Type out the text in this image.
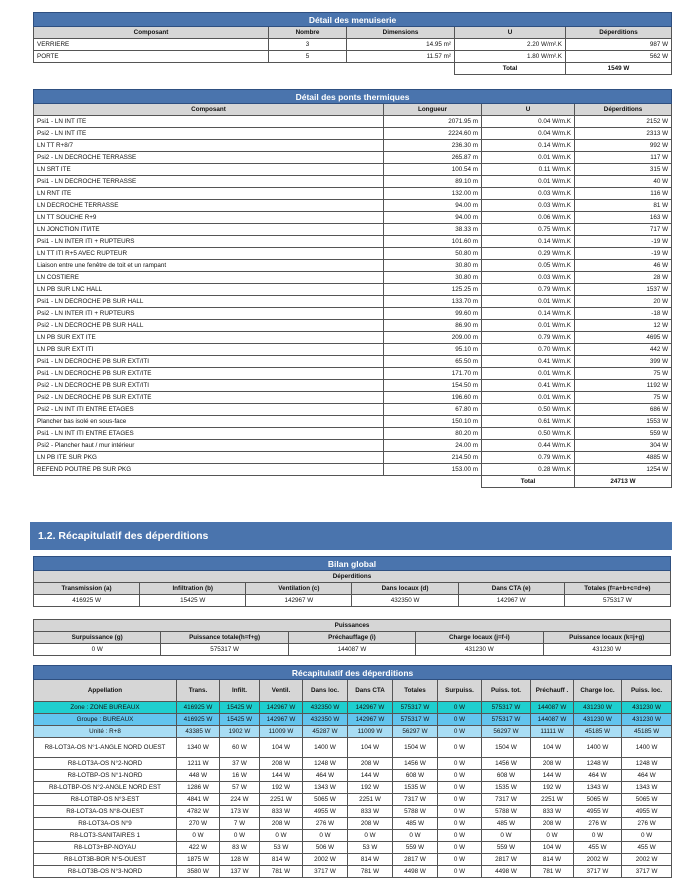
Détail des menuiserie				
Composant	Nombre	Dimensions	U	Déperditions
VERRIERE	3	14.95 m²	2.20 W/m².K	987 W
PORTE	5	11.57 m²	1.80 W/m².K	562 W
			Total	1549 W
Détail des ponts thermiques			
Composant	Longueur	U	Déperditions
Psi1 - LN INT ITE	2071.95 m	0.04 W/m.K	2152 W
Psi2 - LN INT ITE	2224.60 m	0.04 W/m.K	2313 W
LN TT R+8/7	236.30 m	0.14 W/m.K	992 W
Psi2 - LN DECROCHE TERRASSE	265.87 m	0.01 W/m.K	117 W
LN SRT ITE	100.54 m	0.11 W/m.K	315 W
Psi1 - LN DECROCHE TERRASSE	89.10 m	0.01 W/m.K	40 W
LN RNT ITE	132.00 m	0.03 W/m.K	116 W
LN DECROCHE TERRASSE	94.00 m	0.03 W/m.K	81 W
LN TT SOUCHE R+9	94.00 m	0.06 W/m.K	163 W
LN JONCTION ITI/ITE	38.33 m	0.75 W/m.K	717 W
Psi1 - LN INTER ITI + RUPTEURS	101.60 m	0.14 W/m.K	-19 W
LN TT ITI R+5 AVEC RUPTEUR	50.80 m	0.29 W/m.K	-19 W
Liaison entre une fenêtre de toit et un rampant	30.80 m	0.05 W/m.K	46 W
LN COSTIERE	30.80 m	0.03 W/m.K	28 W
LN PB SUR LNC HALL	125.25 m	0.79 W/m.K	1537 W
Psi1 - LN DECROCHE PB SUR HALL	133.70 m	0.01 W/m.K	20 W
Psi2 - LN INTER ITI + RUPTEURS	99.60 m	0.14 W/m.K	-18 W
Psi2 - LN DECROCHE PB SUR HALL	86.90 m	0.01 W/m.K	12 W
LN PB SUR EXT ITE	209.00 m	0.79 W/m.K	4695 W
LN PB SUR EXT ITI	95.10 m	0.70 W/m.K	442 W
Psi1 - LN DECROCHE PB SUR EXT/ITI	65.50 m	0.41 W/m.K	399 W
Psi1 - LN DECROCHE PB SUR EXT/ITE	171.70 m	0.01 W/m.K	75 W
Psi2 - LN DECROCHE PB SUR EXT/ITI	154.50 m	0.41 W/m.K	1192 W
Psi2 - LN DECROCHE PB SUR EXT/ITE	196.60 m	0.01 W/m.K	75 W
Psi2 - LN INT ITI ENTRE ETAGES	67.80 m	0.50 W/m.K	686 W
Plancher bas isolé en sous-face	150.10 m	0.61 W/m.K	1553 W
Psi1 - LN INT ITI ENTRE ETAGES	80.20 m	0.50 W/m.K	559 W
Psi2 - Plancher haut / mur intérieur	24.00 m	0.44 W/m.K	304 W
LN PB ITE SUR PKG	214.50 m	0.79 W/m.K	4885 W
REFEND POUTRE PB SUR PKG	153.00 m	0.28 W/m.K	1254 W
		Total	24713 W
1.2. Récapitulatif des déperditions
Bilan global					
Déperditions					
Transmission (a)	Infiltration (b)	Ventilation (c)	Dans locaux (d)	Dans CTA (e)	Totales (f=a+b+c=d+e)
416925 W	15425 W	142967 W	432350 W	142967 W	575317 W
Puissances				
Surpuissance (g)	Puissance totale(h=f+g)	Préchauffage (i)	Charge locaux (j=f-i)	Puissance locaux (k=j+g)
0 W	575317 W	144087 W	431230 W	431230 W
Récapitulatif des déperditions											
Appellation	Trans.	Infilt.	Ventil.	Dans loc.	Dans CTA	Totales	Surpuiss.	Puiss. tot.	Préchauff .	Charge loc.	Puiss. loc.
Zone : ZONE BUREAUX	416925 W	15425 W	142967 W	432350 W	142967 W	575317 W	0 W	575317 W	144087 W	431230 W	431230 W
Groupe : BUREAUX	416925 W	15425 W	142967 W	432350 W	142967 W	575317 W	0 W	575317 W	144087 W	431230 W	431230 W
Unité : R+8	43385 W	1902 W	11009 W	45287 W	11009 W	56297 W	0 W	56297 W	11111 W	45185 W	45185 W
R8-LOT3A-OS N°1-ANGLE NORD OUEST	1340 W	60 W	104 W	1400 W	104 W	1504 W	0 W	1504 W	104 W	1400 W	1400 W
R8-LOT3A-OS N°2-NORD	1211 W	37 W	208 W	1248 W	208 W	1456 W	0 W	1456 W	208 W	1248 W	1248 W
R8-LOTBP-OS N°1-NORD	448 W	16 W	144 W	464 W	144 W	608 W	0 W	608 W	144 W	464 W	464 W
R8-LOTBP-OS N°2-ANGLE NORD EST	1286 W	57 W	192 W	1343 W	192 W	1535 W	0 W	1535 W	192 W	1343 W	1343 W
R8-LOTBP-OS N°3-EST	4841 W	224 W	2251 W	5065 W	2251 W	7317 W	0 W	7317 W	2251 W	5065 W	5065 W
R8-LOT3A-OS N°8-OUEST	4782 W	173 W	833 W	4955 W	833 W	5788 W	0 W	5788 W	833 W	4955 W	4955 W
R8-LOT3A-OS N°9	270 W	7 W	208 W	276 W	208 W	485 W	0 W	485 W	208 W	276 W	276 W
R8-LOT3-SANITAIRES 1	0 W	0 W	0 W	0 W	0 W	0 W	0 W	0 W	0 W	0 W	0 W
R8-LOT3+BP-NOYAU	422 W	83 W	53 W	506 W	53 W	559 W	0 W	559 W	104 W	455 W	455 W
R8-LOT3B-BOR N°5-OUEST	1875 W	128 W	814 W	2002 W	814 W	2817 W	0 W	2817 W	814 W	2002 W	2002 W
R8-LOT3B-OS N°3-NORD	3580 W	137 W	781 W	3717 W	781 W	4498 W	0 W	4498 W	781 W	3717 W	3717 W
